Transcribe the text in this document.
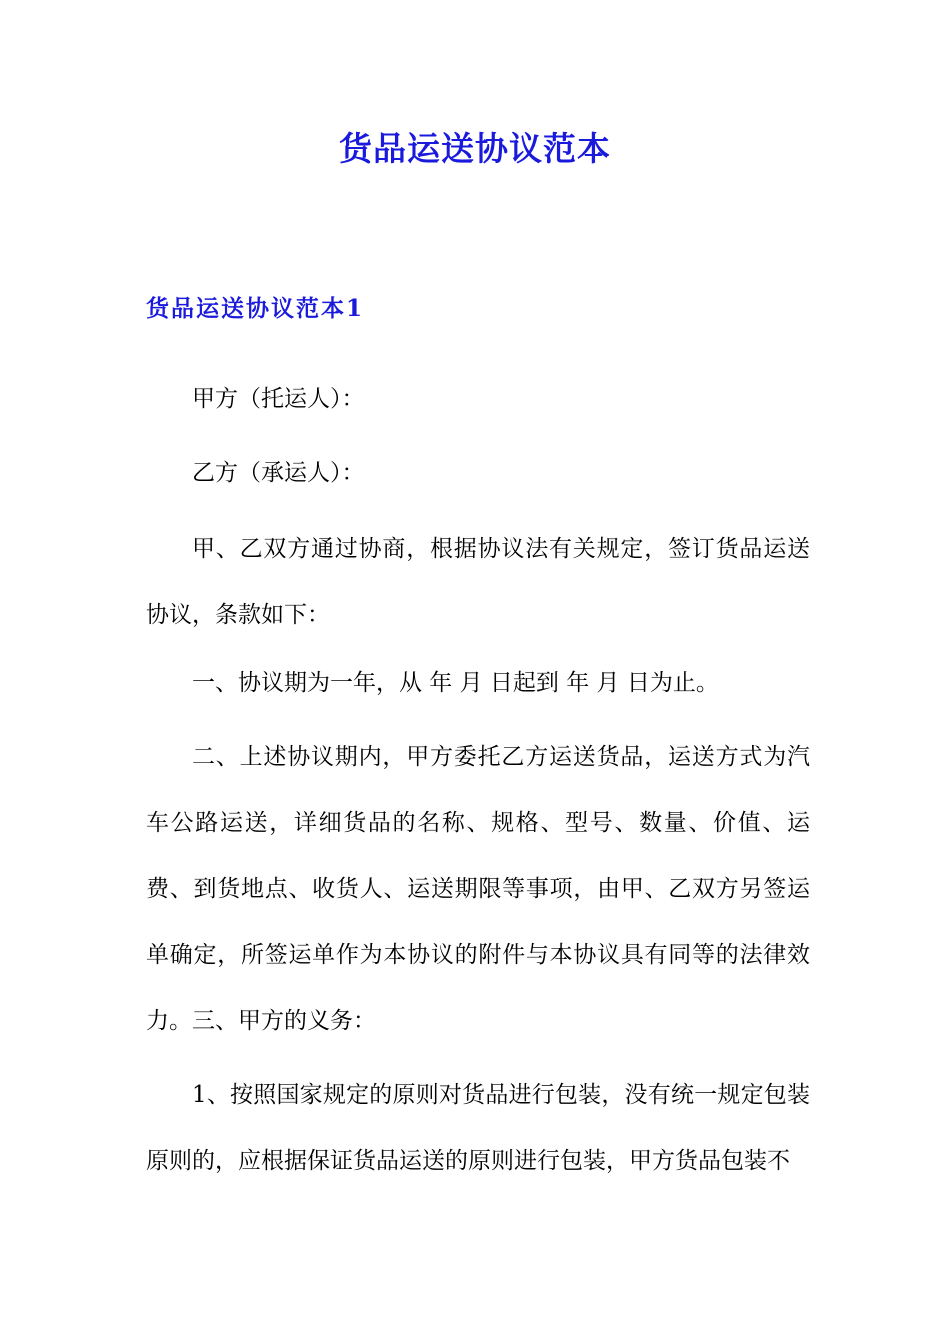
货品运送协议范本
货品运送协议范本1

甲方（托运人）：

乙方（承运人）：

甲、乙双方通过协商，根据协议法有关规定，签订货品运送协议，条款如下：

一、协议期为一年，从 年 月 日起到 年 月 日为止。

二、上述协议期内，甲方委托乙方运送货品，运送方式为汽车公路运送，详细货品的名称、规格、型号、数量、价值、运费、到货地点、收货人、运送期限等事项，由甲、乙双方另签运单确定，所签运单作为本协议的附件与本协议具有同等的法律效力。 三、甲方的义务：

1、按照国家规定的原则对货品进行包装，没有统一规定包装原则的，应根据保证货品运送的原则进行包装，甲方货品包装不
